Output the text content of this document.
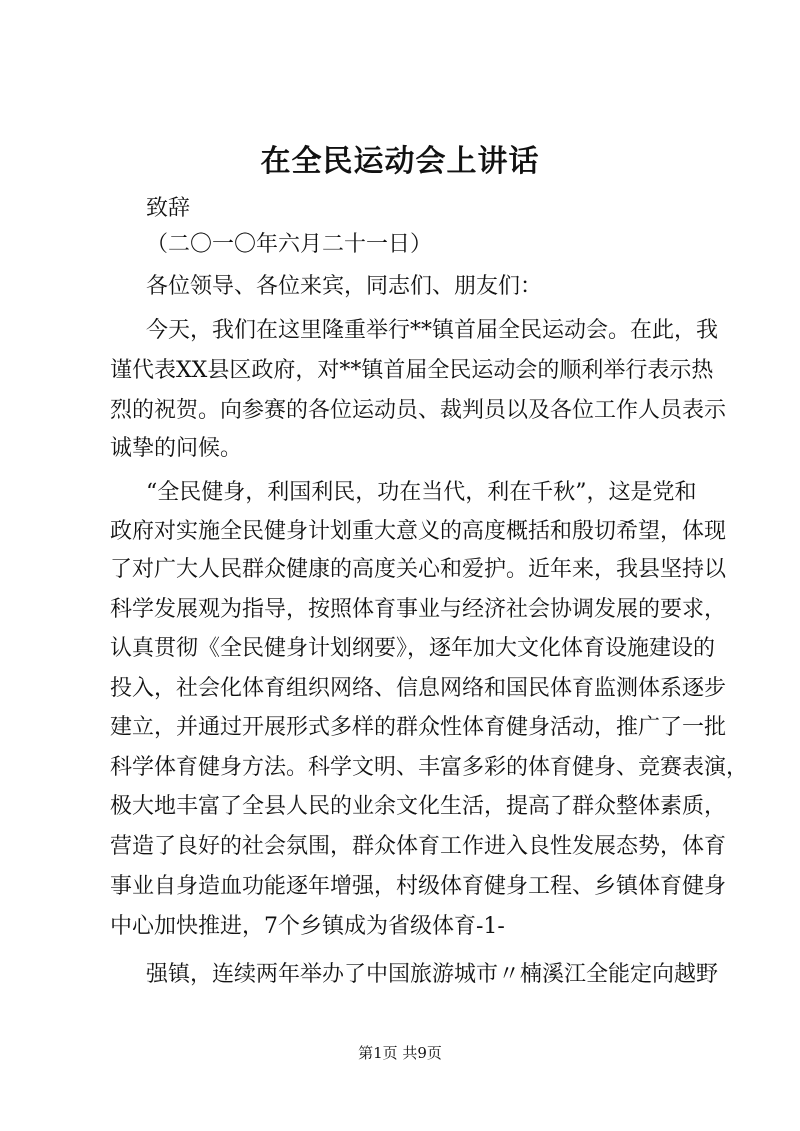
在全民运动会上讲话
致辞
（二〇一〇年六月二十一日）
各位领导、各位来宾，同志们、朋友们：
今天，我们在这里隆重举行**镇首届全民运动会。在此，我
谨代表XX县区政府，对**镇首届全民运动会的顺利举行表示热
烈的祝贺。向参赛的各位运动员、裁判员以及各位工作人员表示
诚挚的问候。
“全民健身，利国利民，功在当代，利在千秋”，这是党和
政府对实施全民健身计划重大意义的高度概括和殷切希望，体现
了对广大人民群众健康的高度关心和爱护。近年来，我县坚持以
科学发展观为指导，按照体育事业与经济社会协调发展的要求，
认真贯彻《全民健身计划纲要》，逐年加大文化体育设施建设的
投入，社会化体育组织网络、信息网络和国民体育监测体系逐步
建立，并通过开展形式多样的群众性体育健身活动，推广了一批
科学体育健身方法。科学文明、丰富多彩的体育健身、竞赛表演，
极大地丰富了全县人民的业余文化生活，提高了群众整体素质，
营造了良好的社会氛围，群众体育工作进入良性发展态势，体育
事业自身造血功能逐年增强，村级体育健身工程、乡镇体育健身
中心加快推进，7个乡镇成为省级体育-1-
强镇，连续两年举办了中国旅游城市〃楠溪江全能定向越野
第1页 共9页
